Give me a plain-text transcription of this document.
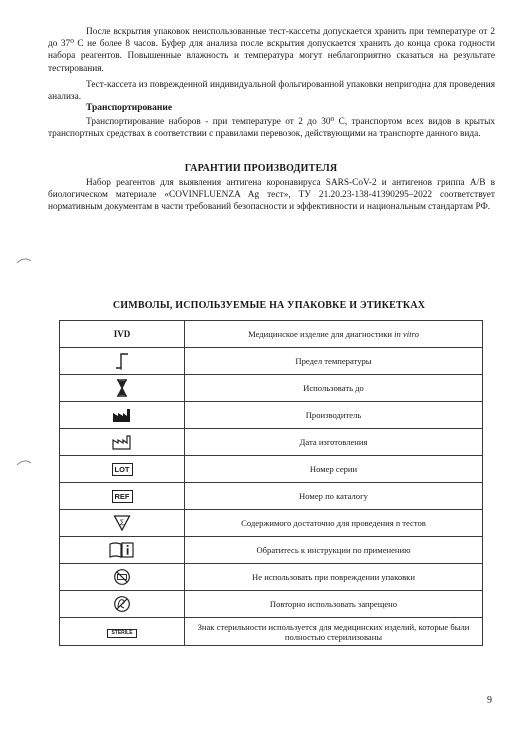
После вскрытия упаковок неиспользованные тест-кассеты допускается хранить при температуре от 2 до 37⁰ С не более 8 часов. Буфер для анализа после вскрытия допускается хранить до конца срока годности набора реагентов. Повышенные влажность и температура могут неблагоприятно сказаться на результате тестирования.

Тест-кассета из поврежденной индивидуальной фольгированной упаковки непригодна для проведения анализа.

Транспортирование

Транспортирование наборов - при температуре от 2 до 30⁰ С, транспортом всех видов в крытых транспортных средствах в соответствии с правилами перевозок, действующими на транспорте данного вида.

ГАРАНТИИ ПРОИЗВОДИТЕЛЯ

Набор реагентов для выявления антигена коронавируса SARS-CoV-2 и антигенов гриппа A/B в биологическом материале «COVINFLUENZA Ag тест», ТУ 21.20.23-138-41390295–2022 соответствует нормативным документам в части требований безопасности и эффективности и национальным стандартам РФ.

СИМВОЛЫ, ИСПОЛЬЗУЕМЫЕ НА УПАКОВКЕ И ЭТИКЕТКАХ

IVD	Медицинское изделие для диагностики in vitro
	Предел температуры
	Использовать до
	Производитель
	Дата изготовления
LOT	Номер серии
REF	Номер по каталогу

∑	Содержимого достаточно для проведения n тестов
	Обратитесь к инструкции по применению
	Не использовать при повреждении упаковки
	Повторно использовать запрещено
STERILE	Знак стерильности используется для медицинских изделий, которые были полностью стерилизованы

9
